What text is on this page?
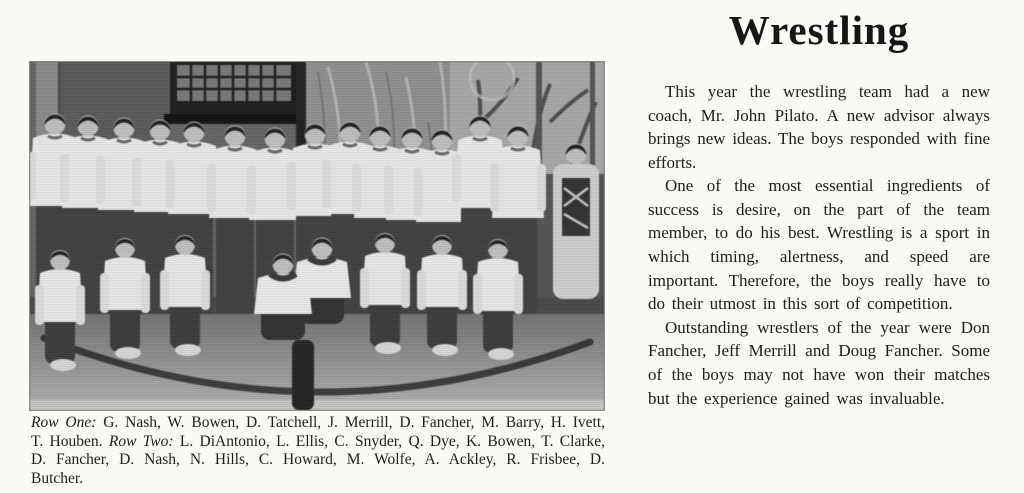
Row One: G. Nash, W. Bowen, D. Tatchell, J. Merrill, D. Fancher, M. Barry, H. Ivett, T. Houben. Row Two: L. DiAntonio, L. Ellis, C. Snyder, Q. Dye, K. Bowen, T. Clarke, D. Fancher, D. Nash, N. Hills, C. Howard, M. Wolfe, A. Ackley, R. Frisbee, D. Butcher.

Wrestling

This year the wrestling team had a new coach, Mr. John Pilato. A new advisor always brings new ideas. The boys responded with fine efforts.

One of the most essential ingredients of success is desire, on the part of the team member, to do his best. Wrestling is a sport in which timing, alertness, and speed are important. Therefore, the boys really have to do their utmost in this sort of competition.

Outstanding wrestlers of the year were Don Fancher, Jeff Merrill and Doug Fancher. Some of the boys may not have won their matches but the experience gained was invaluable.
